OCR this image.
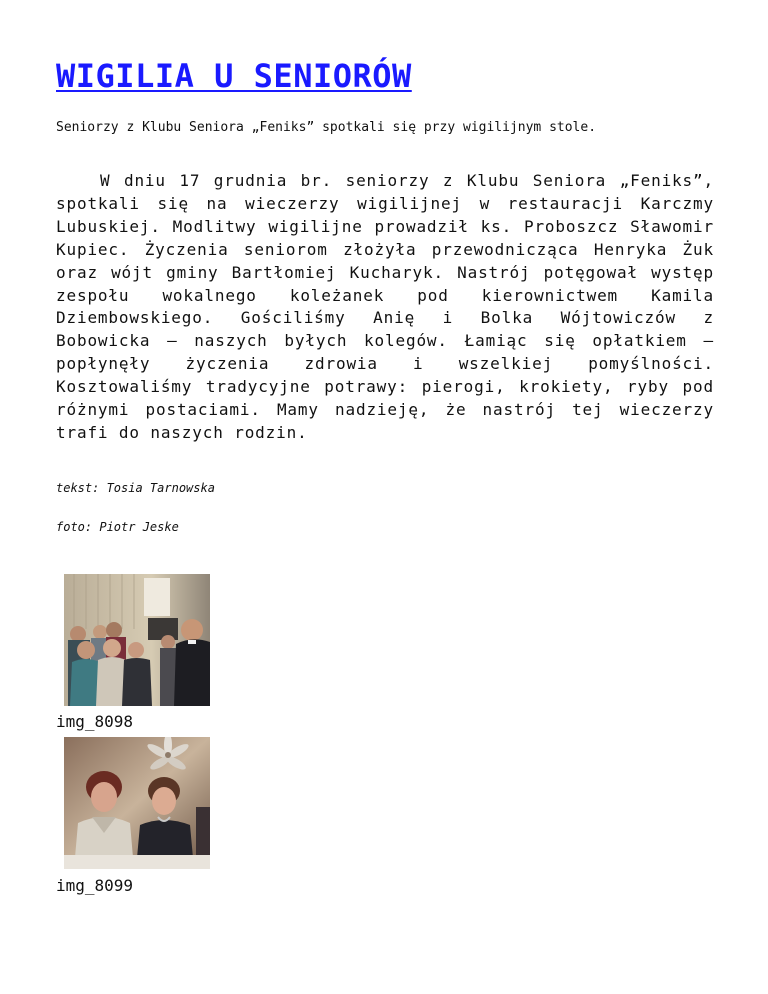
WIGILIA U SENIORÓW

Seniorzy z Klubu Seniora „Feniks” spotkali się przy wigilijnym stole.

W dniu 17 grudnia br. seniorzy z Klubu Seniora „Feniks”, spotkali się na wieczerzy wigilijnej w restauracji Karczmy Lubuskiej. Modlitwy wigilijne prowadził ks. Proboszcz Sławomir Kupiec. Życzenia seniorom złożyła przewodnicząca Henryka Żuk oraz wójt gminy Bartłomiej Kucharyk. Nastrój potęgował występ zespołu wokalnego koleżanek pod kierownictwem Kamila Dziembowskiego. Gościliśmy Anię i Bolka Wójtowiczów z Bobowicka – naszych byłych kolegów. Łamiąc się opłatkiem – popłynęły życzenia zdrowia i wszelkiej pomyślności. Kosztowaliśmy tradycyjne potrawy: pierogi, krokiety, ryby pod różnymi postaciami. Mamy nadzieję, że nastrój tej wieczerzy trafi do naszych rodzin.

tekst: Tosia Tarnowska

foto: Piotr Jeske

img_8098

img_8099
